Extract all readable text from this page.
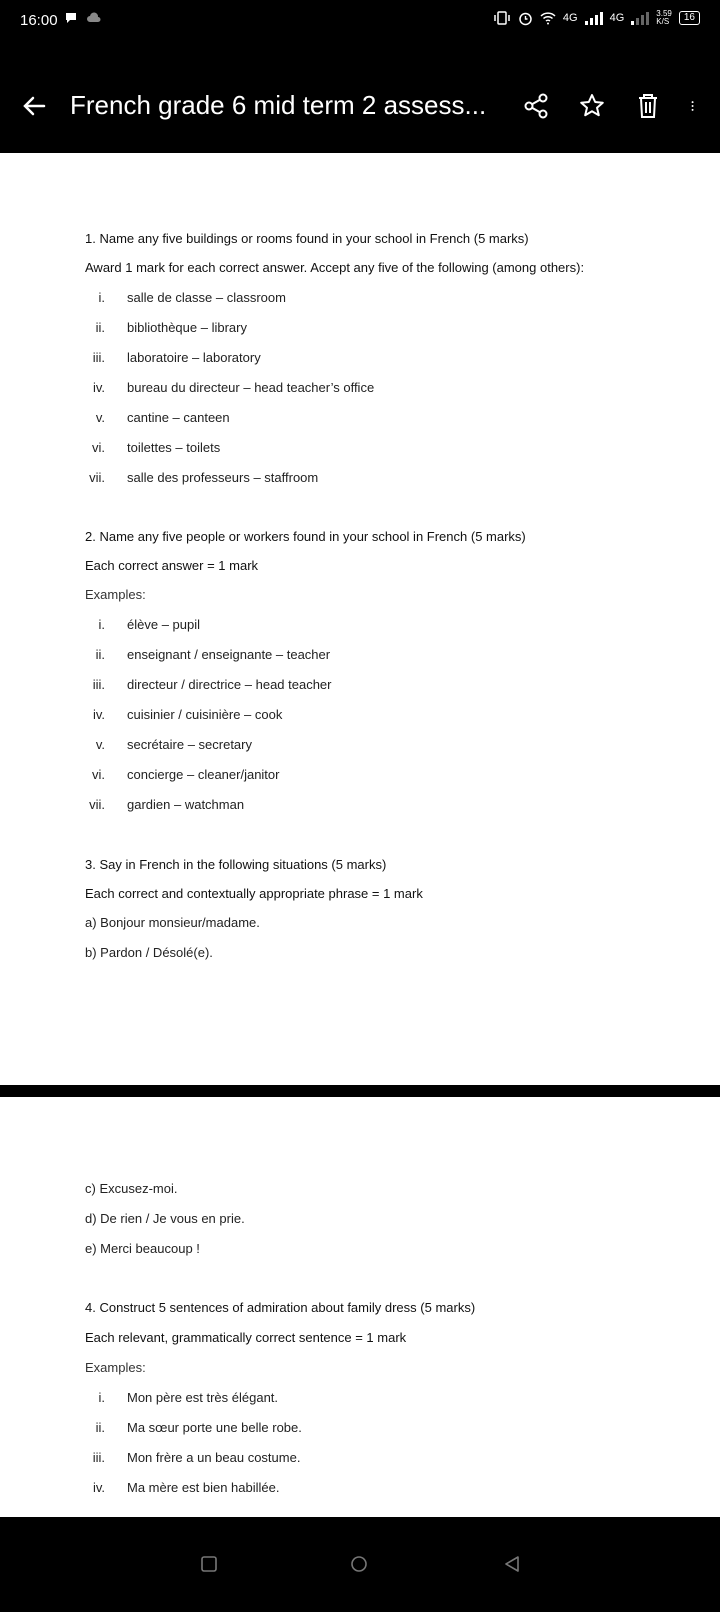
16:00	4G	4G	3.59
K/S	16
French grade 6 mid term 2 assess...
1. Name any five buildings or rooms found in your school in French (5 marks)
Award 1 mark for each correct answer. Accept any five of the following (among others):
i. salle de classe – classroom
ii. bibliothèque – library
iii. laboratoire – laboratory
iv. bureau du directeur – head teacher’s office
v. cantine – canteen
vi. toilettes – toilets
vii. salle des professeurs – staffroom
2. Name any five people or workers found in your school in French (5 marks)
Each correct answer = 1 mark
Examples:
i. élève – pupil
ii. enseignant / enseignante – teacher
iii. directeur / directrice – head teacher
iv. cuisinier / cuisinière – cook
v. secrétaire – secretary
vi. concierge – cleaner/janitor
vii. gardien – watchman
3. Say in French in the following situations (5 marks)
Each correct and contextually appropriate phrase = 1 mark
a) Bonjour monsieur/madame.
b) Pardon / Désolé(e).
c) Excusez-moi.
d) De rien / Je vous en prie.
e) Merci beaucoup !
4. Construct 5 sentences of admiration about family dress (5 marks)
Each relevant, grammatically correct sentence = 1 mark
Examples:
i. Mon père est très élégant.
ii. Ma sœur porte une belle robe.
iii. Mon frère a un beau costume.
iv. Ma mère est bien habillée.
